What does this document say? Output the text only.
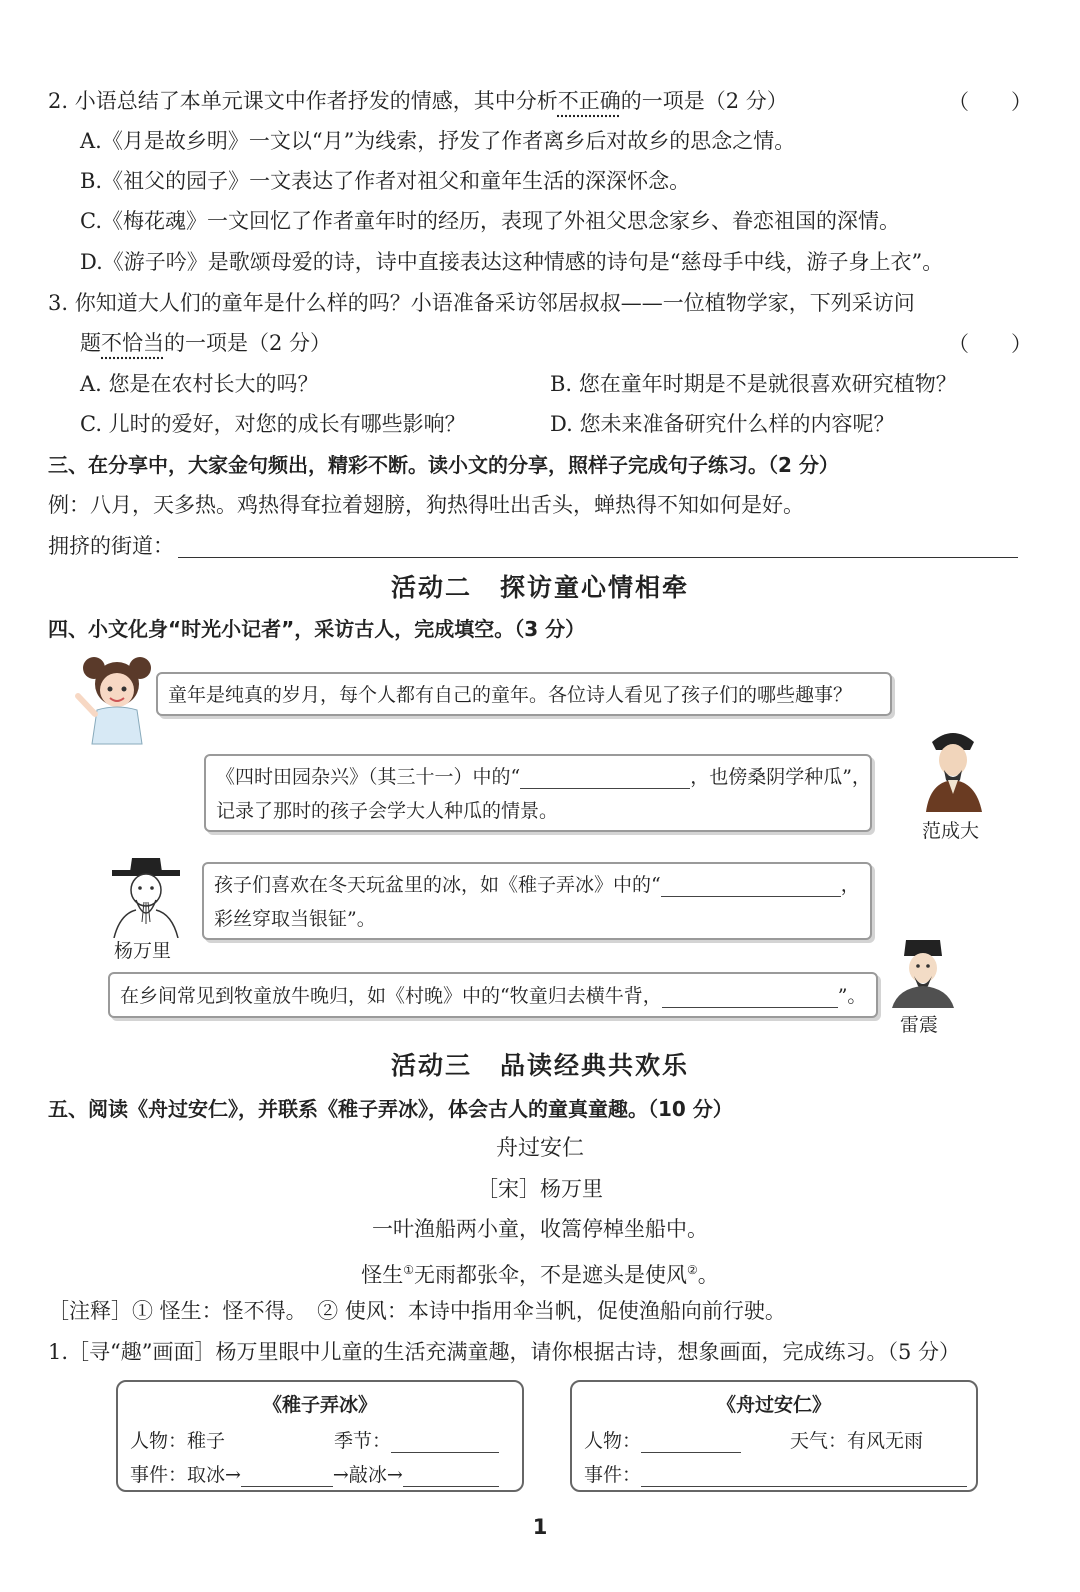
2. 小语总结了本单元课文中作者抒发的情感，其中分析不正确的一项是（2 分）	（　　）
A.《月是故乡明》一文以“月”为线索，抒发了作者离乡后对故乡的思念之情。
B.《祖父的园子》一文表达了作者对祖父和童年生活的深深怀念。
C.《梅花魂》一文回忆了作者童年时的经历，表现了外祖父思念家乡、眷恋祖国的深情。
D.《游子吟》是歌颂母爱的诗，诗中直接表达这种情感的诗句是“慈母手中线，游子身上衣”。
3. 你知道大人们的童年是什么样的吗？小语准备采访邻居叔叔——一位植物学家，下列采访问
题不恰当的一项是（2 分）	（　　）
A. 您是在农村长大的吗？	B. 您在童年时期是不是就很喜欢研究植物？
C. 儿时的爱好，对您的成长有哪些影响？	D. 您未来准备研究什么样的内容呢？
三、在分享中，大家金句频出，精彩不断。读小文的分享，照样子完成句子练习。（2 分）
例：八月，天多热。鸡热得耷拉着翅膀，狗热得吐出舌头，蝉热得不知如何是好。
拥挤的街道：
活动二 探访童心情相牵
四、小文化身“时光小记者”，采访古人，完成填空。（3 分）
童年是纯真的岁月，每个人都有自己的童年。各位诗人看见了孩子们的哪些趣事？
《四时田园杂兴》（其三十一）中的“	，也傍桑阴学种瓜”，
记录了那时的孩子会学大人种瓜的情景。
范成大
杨万里
孩子们喜欢在冬天玩盆里的冰，如《稚子弄冰》中的“	，
彩丝穿取当银钲”。
在乡间常见到牧童放牛晚归，如《村晚》中的“牧童归去横牛背，	”。
雷震
活动三 品读经典共欢乐
五、阅读《舟过安仁》，并联系《稚子弄冰》，体会古人的童真童趣。（10 分）
舟过安仁
［宋］杨万里
一叶渔船两小童，收篙停棹坐船中。
怪生①无雨都张伞，不是遮头是使风②。
［注释］① 怪生：怪不得。　② 使风：本诗中指用伞当帆，促使渔船向前行驶。
1.［寻“趣”画面］杨万里眼中儿童的生活充满童趣，请你根据古诗，想象画面，完成练习。（5 分）
《稚子弄冰》
人物：稚子	季节：
事件：取冰→	→敲冰→
《舟过安仁》
人物：	天气：有风无雨
事件：
1
